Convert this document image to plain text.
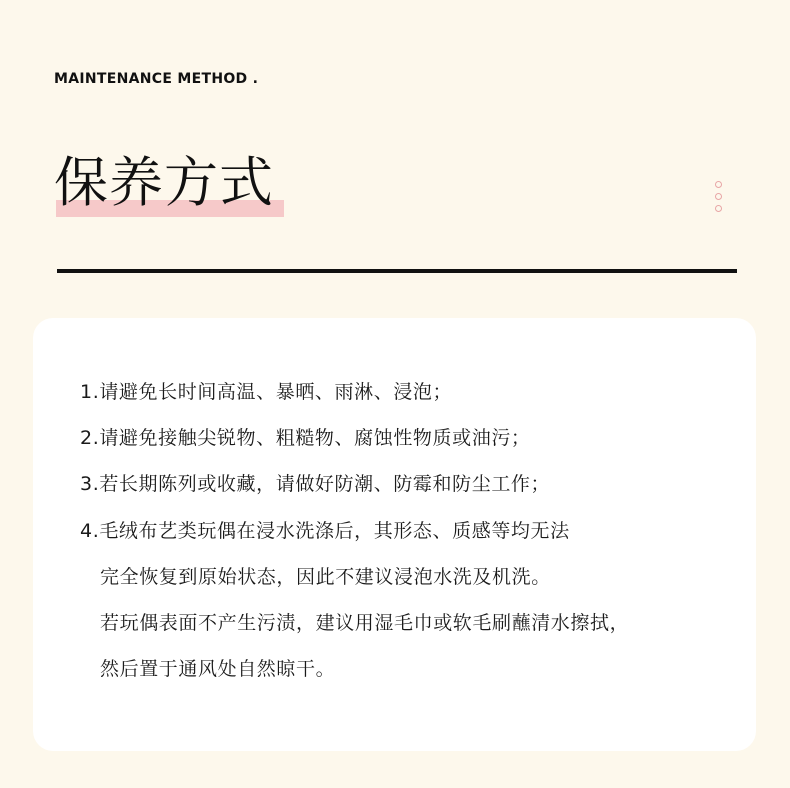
MAINTENANCE METHOD .
保养方式
1.请避免长时间高温、暴晒、雨淋、浸泡；
2.请避免接触尖锐物、粗糙物、腐蚀性物质或油污；
3.若长期陈列或收藏，请做好防潮、防霉和防尘工作；
4.毛绒布艺类玩偶在浸水洗涤后，其形态、质感等均无法
完全恢复到原始状态，因此不建议浸泡水洗及机洗。
若玩偶表面不产生污渍，建议用湿毛巾或软毛刷蘸清水擦拭，
然后置于通风处自然晾干。
